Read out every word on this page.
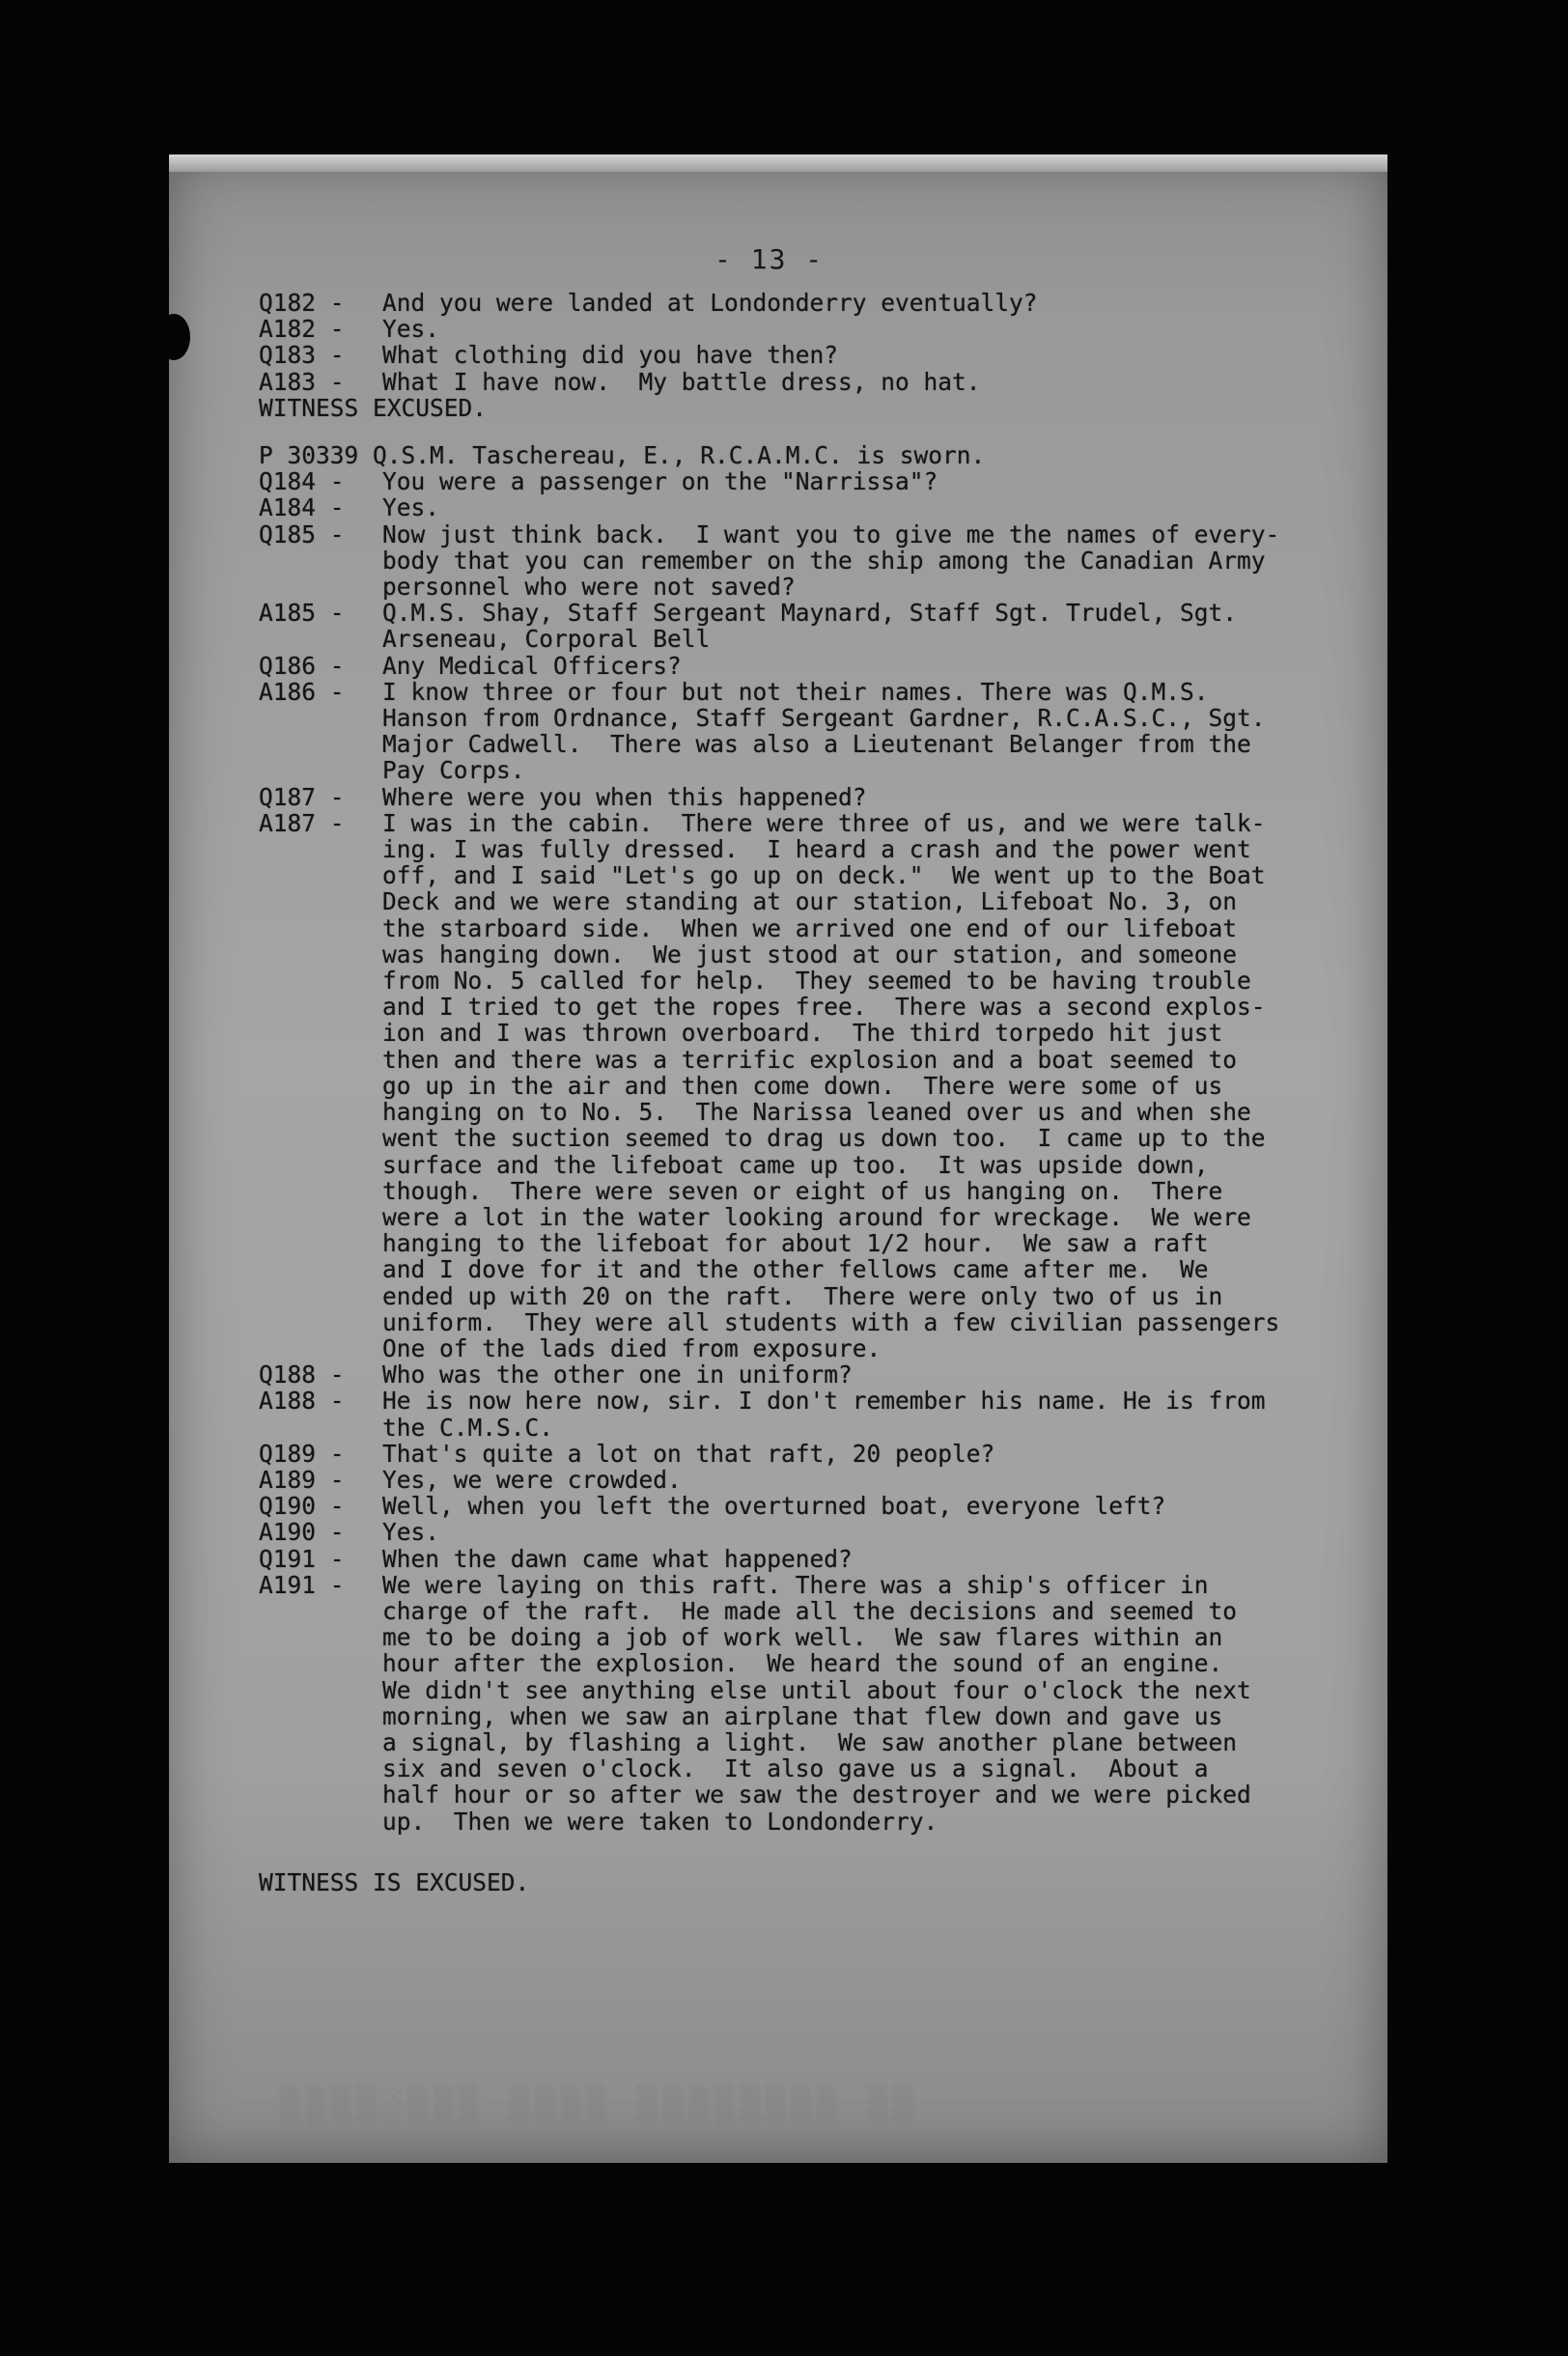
- 13 -
Q182 -	And you were landed at Londonderry eventually?
A182 -	Yes.
Q183 -	What clothing did you have then?
A183 -	What I have now.  My battle dress, no hat.
WITNESS EXCUSED.
P 30339 Q.S.M. Taschereau, E., R.C.A.M.C. is sworn.
Q184 -	You were a passenger on the "Narrissa"?
A184 -	Yes.
Q185 -	Now just think back.  I want you to give me the names of every-
body that you can remember on the ship among the Canadian Army
personnel who were not saved?
A185 -	Q.M.S. Shay, Staff Sergeant Maynard, Staff Sgt. Trudel, Sgt.
Arseneau, Corporal Bell
Q186 -	Any Medical Officers?
A186 -	I know three or four but not their names. There was Q.M.S.
Hanson from Ordnance, Staff Sergeant Gardner, R.C.A.S.C., Sgt.
Major Cadwell.  There was also a Lieutenant Belanger from the
Pay Corps.
Q187 -	Where were you when this happened?
A187 -	I was in the cabin.  There were three of us, and we were talk-
ing. I was fully dressed.  I heard a crash and the power went
off, and I said "Let's go up on deck."  We went up to the Boat
Deck and we were standing at our station, Lifeboat No. 3, on
the starboard side.  When we arrived one end of our lifeboat
was hanging down.  We just stood at our station, and someone
from No. 5 called for help.  They seemed to be having trouble
and I tried to get the ropes free.  There was a second explos-
ion and I was thrown overboard.  The third torpedo hit just
then and there was a terrific explosion and a boat seemed to
go up in the air and then come down.  There were some of us
hanging on to No. 5.  The Narissa leaned over us and when she
went the suction seemed to drag us down too.  I came up to the
surface and the lifeboat came up too.  It was upside down,
though.  There were seven or eight of us hanging on.  There
were a lot in the water looking around for wreckage.  We were
hanging to the lifeboat for about 1/2 hour.  We saw a raft
and I dove for it and the other fellows came after me.  We
ended up with 20 on the raft.  There were only two of us in
uniform.  They were all students with a few civilian passengers
One of the lads died from exposure.
Q188 -	Who was the other one in uniform?
A188 -	He is now here now, sir. I don't remember his name. He is from
the C.M.S.C.
Q189 -	That's quite a lot on that raft, 20 people?
A189 -	Yes, we were crowded.
Q190 -	Well, when you left the overturned boat, everyone left?
A190 -	Yes.
Q191 -	When the dawn came what happened?
A191 -	We were laying on this raft. There was a ship's officer in
charge of the raft.  He made all the decisions and seemed to
me to be doing a job of work well.  We saw flares within an
hour after the explosion.  We heard the sound of an engine.
We didn't see anything else until about four o'clock the next
morning, when we saw an airplane that flew down and gave us
a signal, by flashing a light.  We saw another plane between
six and seven o'clock.  It also gave us a signal.  About a
half hour or so after we saw the destroyer and we were picked
up.  Then we were taken to Londonderry.
WITNESS IS EXCUSED.
▒▒▒▒░▒▒▒ ▒▒▒▒ ▒▒▒▒▒▒▒▒ ▒▒
